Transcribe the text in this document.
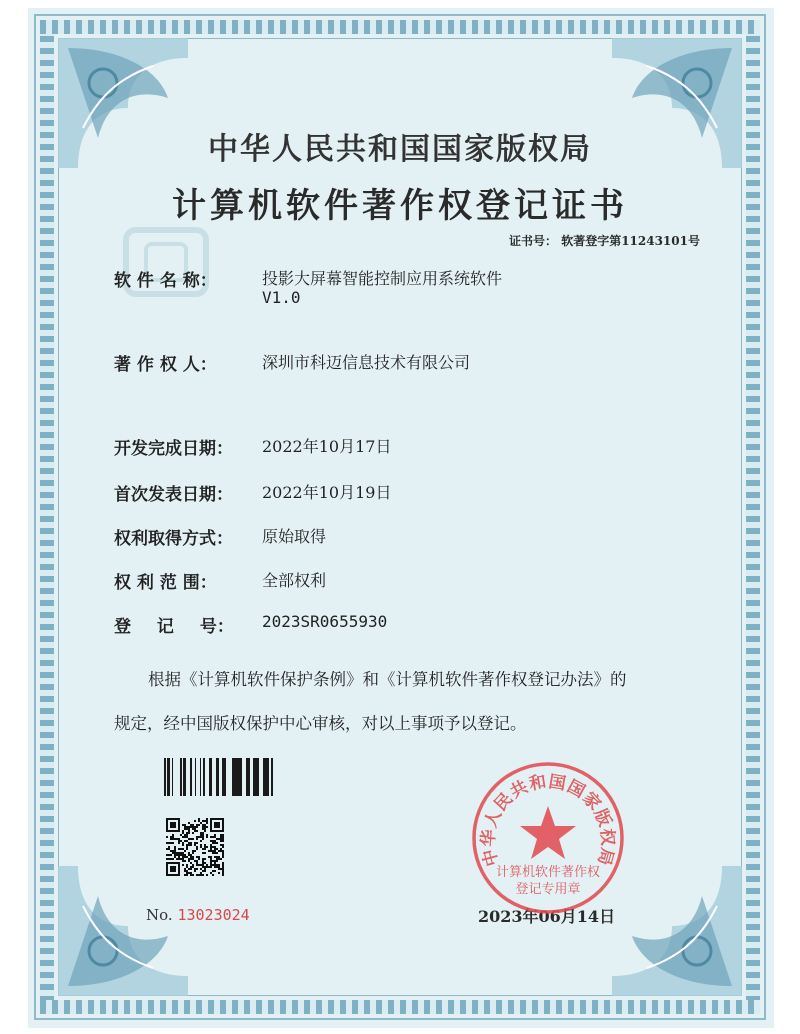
中华人民共和国国家版权局
计算机软件著作权登记证书
证书号： 软著登字第11243101号
软 件 名 称：	投影大屏幕智能控制应用系统软件
V1.0
著 作 权 人：	深圳市科迈信息技术有限公司
开发完成日期： 2022年10月17日
首次发表日期： 2022年10月19日
权利取得方式： 原始取得
权 利 范 围：	全部权利
登 记 号： 2023SR0655930
根据《计算机软件保护条例》和《计算机软件著作权登记办法》的
规定，经中国版权保护中心审核，对以上事项予以登记。
No. 13023024	2023年06月14日
中华人民共和国国家版权局
计算机软件著作权
登记专用章
